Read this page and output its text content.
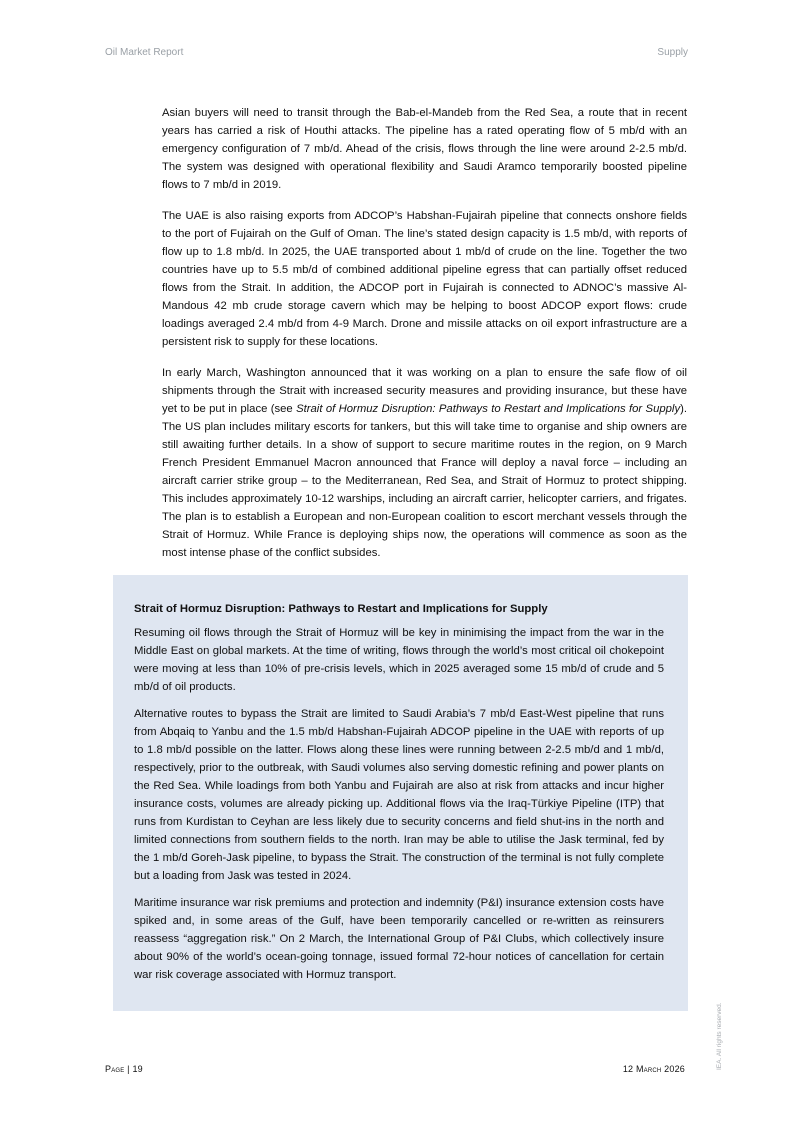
Oil Market Report	Supply

Asian buyers will need to transit through the Bab-el-Mandeb from the Red Sea, a route that in recent years has carried a risk of Houthi attacks. The pipeline has a rated operating flow of 5 mb/d with an emergency configuration of 7 mb/d. Ahead of the crisis, flows through the line were around 2-2.5 mb/d. The system was designed with operational flexibility and Saudi Aramco temporarily boosted pipeline flows to 7 mb/d in 2019.

The UAE is also raising exports from ADCOP’s Habshan-Fujairah pipeline that connects onshore fields to the port of Fujairah on the Gulf of Oman. The line’s stated design capacity is 1.5 mb/d, with reports of flow up to 1.8 mb/d. In 2025, the UAE transported about 1 mb/d of crude on the line. Together the two countries have up to 5.5 mb/d of combined additional pipeline egress that can partially offset reduced flows from the Strait. In addition, the ADCOP port in Fujairah is connected to ADNOC’s massive Al-Mandous 42 mb crude storage cavern which may be helping to boost ADCOP export flows: crude loadings averaged 2.4 mb/d from 4-9 March. Drone and missile attacks on oil export infrastructure are a persistent risk to supply for these locations.

In early March, Washington announced that it was working on a plan to ensure the safe flow of oil shipments through the Strait with increased security measures and providing insurance, but these have yet to be put in place (see Strait of Hormuz Disruption: Pathways to Restart and Implications for Supply). The US plan includes military escorts for tankers, but this will take time to organise and ship owners are still awaiting further details. In a show of support to secure maritime routes in the region, on 9 March French President Emmanuel Macron announced that France will deploy a naval force – including an aircraft carrier strike group – to the Mediterranean, Red Sea, and Strait of Hormuz to protect shipping. This includes approximately 10-12 warships, including an aircraft carrier, helicopter carriers, and frigates. The plan is to establish a European and non-European coalition to escort merchant vessels through the Strait of Hormuz. While France is deploying ships now, the operations will commence as soon as the most intense phase of the conflict subsides.

Strait of Hormuz Disruption: Pathways to Restart and Implications for Supply

Resuming oil flows through the Strait of Hormuz will be key in minimising the impact from the war in the Middle East on global markets. At the time of writing, flows through the world’s most critical oil chokepoint were moving at less than 10% of pre-crisis levels, which in 2025 averaged some 15 mb/d of crude and 5 mb/d of oil products.

Alternative routes to bypass the Strait are limited to Saudi Arabia’s 7 mb/d East-West pipeline that runs from Abqaiq to Yanbu and the 1.5 mb/d Habshan-Fujairah ADCOP pipeline in the UAE with reports of up to 1.8 mb/d possible on the latter. Flows along these lines were running between 2-2.5 mb/d and 1 mb/d, respectively, prior to the outbreak, with Saudi volumes also serving domestic refining and power plants on the Red Sea. While loadings from both Yanbu and Fujairah are also at risk from attacks and incur higher insurance costs, volumes are already picking up. Additional flows via the Iraq-Türkiye Pipeline (ITP) that runs from Kurdistan to Ceyhan are less likely due to security concerns and field shut-ins in the north and limited connections from southern fields to the north. Iran may be able to utilise the Jask terminal, fed by the 1 mb/d Goreh-Jask pipeline, to bypass the Strait. The construction of the terminal is not fully complete but a loading from Jask was tested in 2024.

Maritime insurance war risk premiums and protection and indemnity (P&I) insurance extension costs have spiked and, in some areas of the Gulf, have been temporarily cancelled or re-written as reinsurers reassess “aggregation risk.” On 2 March, the International Group of P&I Clubs, which collectively insure about 90% of the world’s ocean-going tonnage, issued formal 72-hour notices of cancellation for certain war risk coverage associated with Hormuz transport.

Page | 19	12 March 2026	IEA. All rights reserved.
